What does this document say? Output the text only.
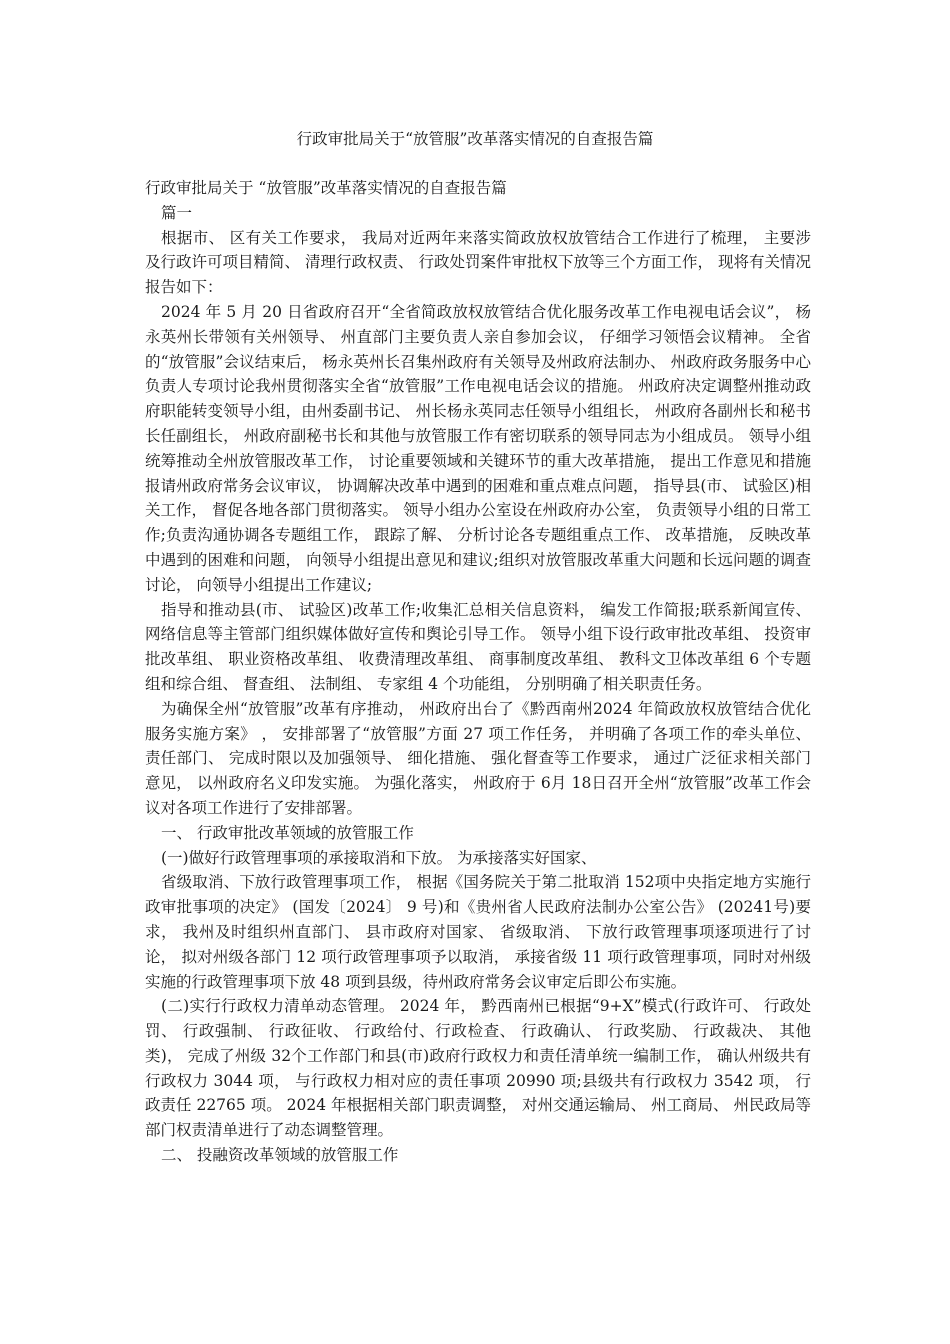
行政审批局关于“放管服”改革落实情况的自查报告篇

行政审批局关于 “放管服”改革落实情况的自查报告篇

篇一

根据市、 区有关工作要求， 我局对近两年来落实简政放权放管结合工作进行了梳理， 主要涉及行政许可项目精简、 清理行政权责、 行政处罚案件审批权下放等三个方面工作， 现将有关情况报告如下：

2024 年 5 月 20 日省政府召开“全省简政放权放管结合优化服务改革工作电视电话会议”， 杨永英州长带领有关州领导、 州直部门主要负责人亲自参加会议， 仔细学习领悟会议精神。 全省的“放管服”会议结束后， 杨永英州长召集州政府有关领导及州政府法制办、 州政府政务服务中心负责人专项讨论我州贯彻落实全省“放管服”工作电视电话会议的措施。 州政府决定调整州推动政府职能转变领导小组，由州委副书记、 州长杨永英同志任领导小组组长， 州政府各副州长和秘书长任副组长， 州政府副秘书长和其他与放管服工作有密切联系的领导同志为小组成员。 领导小组统筹推动全州放管服改革工作， 讨论重要领域和关键环节的重大改革措施， 提出工作意见和措施报请州政府常务会议审议， 协调解决改革中遇到的困难和重点难点问题， 指导县(市、 试验区)相关工作， 督促各地各部门贯彻落实。 领导小组办公室设在州政府办公室， 负责领导小组的日常工作;负责沟通协调各专题组工作， 跟踪了解、 分析讨论各专题组重点工作、 改革措施， 反映改革中遇到的困难和问题， 向领导小组提出意见和建议;组织对放管服改革重大问题和长远问题的调查讨论， 向领导小组提出工作建议;

指导和推动县(市、 试验区)改革工作;收集汇总相关信息资料， 编发工作简报;联系新闻宣传、 网络信息等主管部门组织媒体做好宣传和舆论引导工作。 领导小组下设行政审批改革组、 投资审批改革组、 职业资格改革组、 收费清理改革组、 商事制度改革组、 教科文卫体改革组 6 个专题组和综合组、 督查组、 法制组、 专家组 4 个功能组， 分别明确了相关职责任务。

为确保全州“放管服”改革有序推动， 州政府出台了《黔西南州2024 年简政放权放管结合优化服务实施方案》 ， 安排部署了“放管服”方面 27 项工作任务， 并明确了各项工作的牵头单位、 责任部门、 完成时限以及加强领导、 细化措施、 强化督查等工作要求， 通过广泛征求相关部门意见， 以州政府名义印发实施。 为强化落实， 州政府于 6月 18日召开全州“放管服”改革工作会议对各项工作进行了安排部署。

一、 行政审批改革领域的放管服工作

(一)做好行政管理事项的承接取消和下放。 为承接落实好国家、

省级取消、下放行政管理事项工作， 根据《国务院关于第二批取消 152项中央指定地方实施行政审批事项的决定》 (国发〔2024〕 9 号)和《贵州省人民政府法制办公室公告》 (20241号)要求， 我州及时组织州直部门、 县市政府对国家、 省级取消、 下放行政管理事项逐项进行了讨论， 拟对州级各部门 12 项行政管理事项予以取消， 承接省级 11 项行政管理事项，同时对州级实施的行政管理事项下放 48 项到县级，待州政府常务会议审定后即公布实施。

(二)实行行政权力清单动态管理。 2024 年， 黔西南州已根据“9+X”模式(行政许可、 行政处罚、 行政强制、 行政征收、 行政给付、行政检查、 行政确认、 行政奖励、 行政裁决、 其他类)， 完成了州级 32个工作部门和县(市)政府行政权力和责任清单统一编制工作， 确认州级共有行政权力 3044 项， 与行政权力相对应的责任事项 20990 项;县级共有行政权力 3542 项， 行政责任 22765 项。 2024 年根据相关部门职责调整， 对州交通运输局、 州工商局、 州民政局等部门权责清单进行了动态调整管理。

二、 投融资改革领域的放管服工作
